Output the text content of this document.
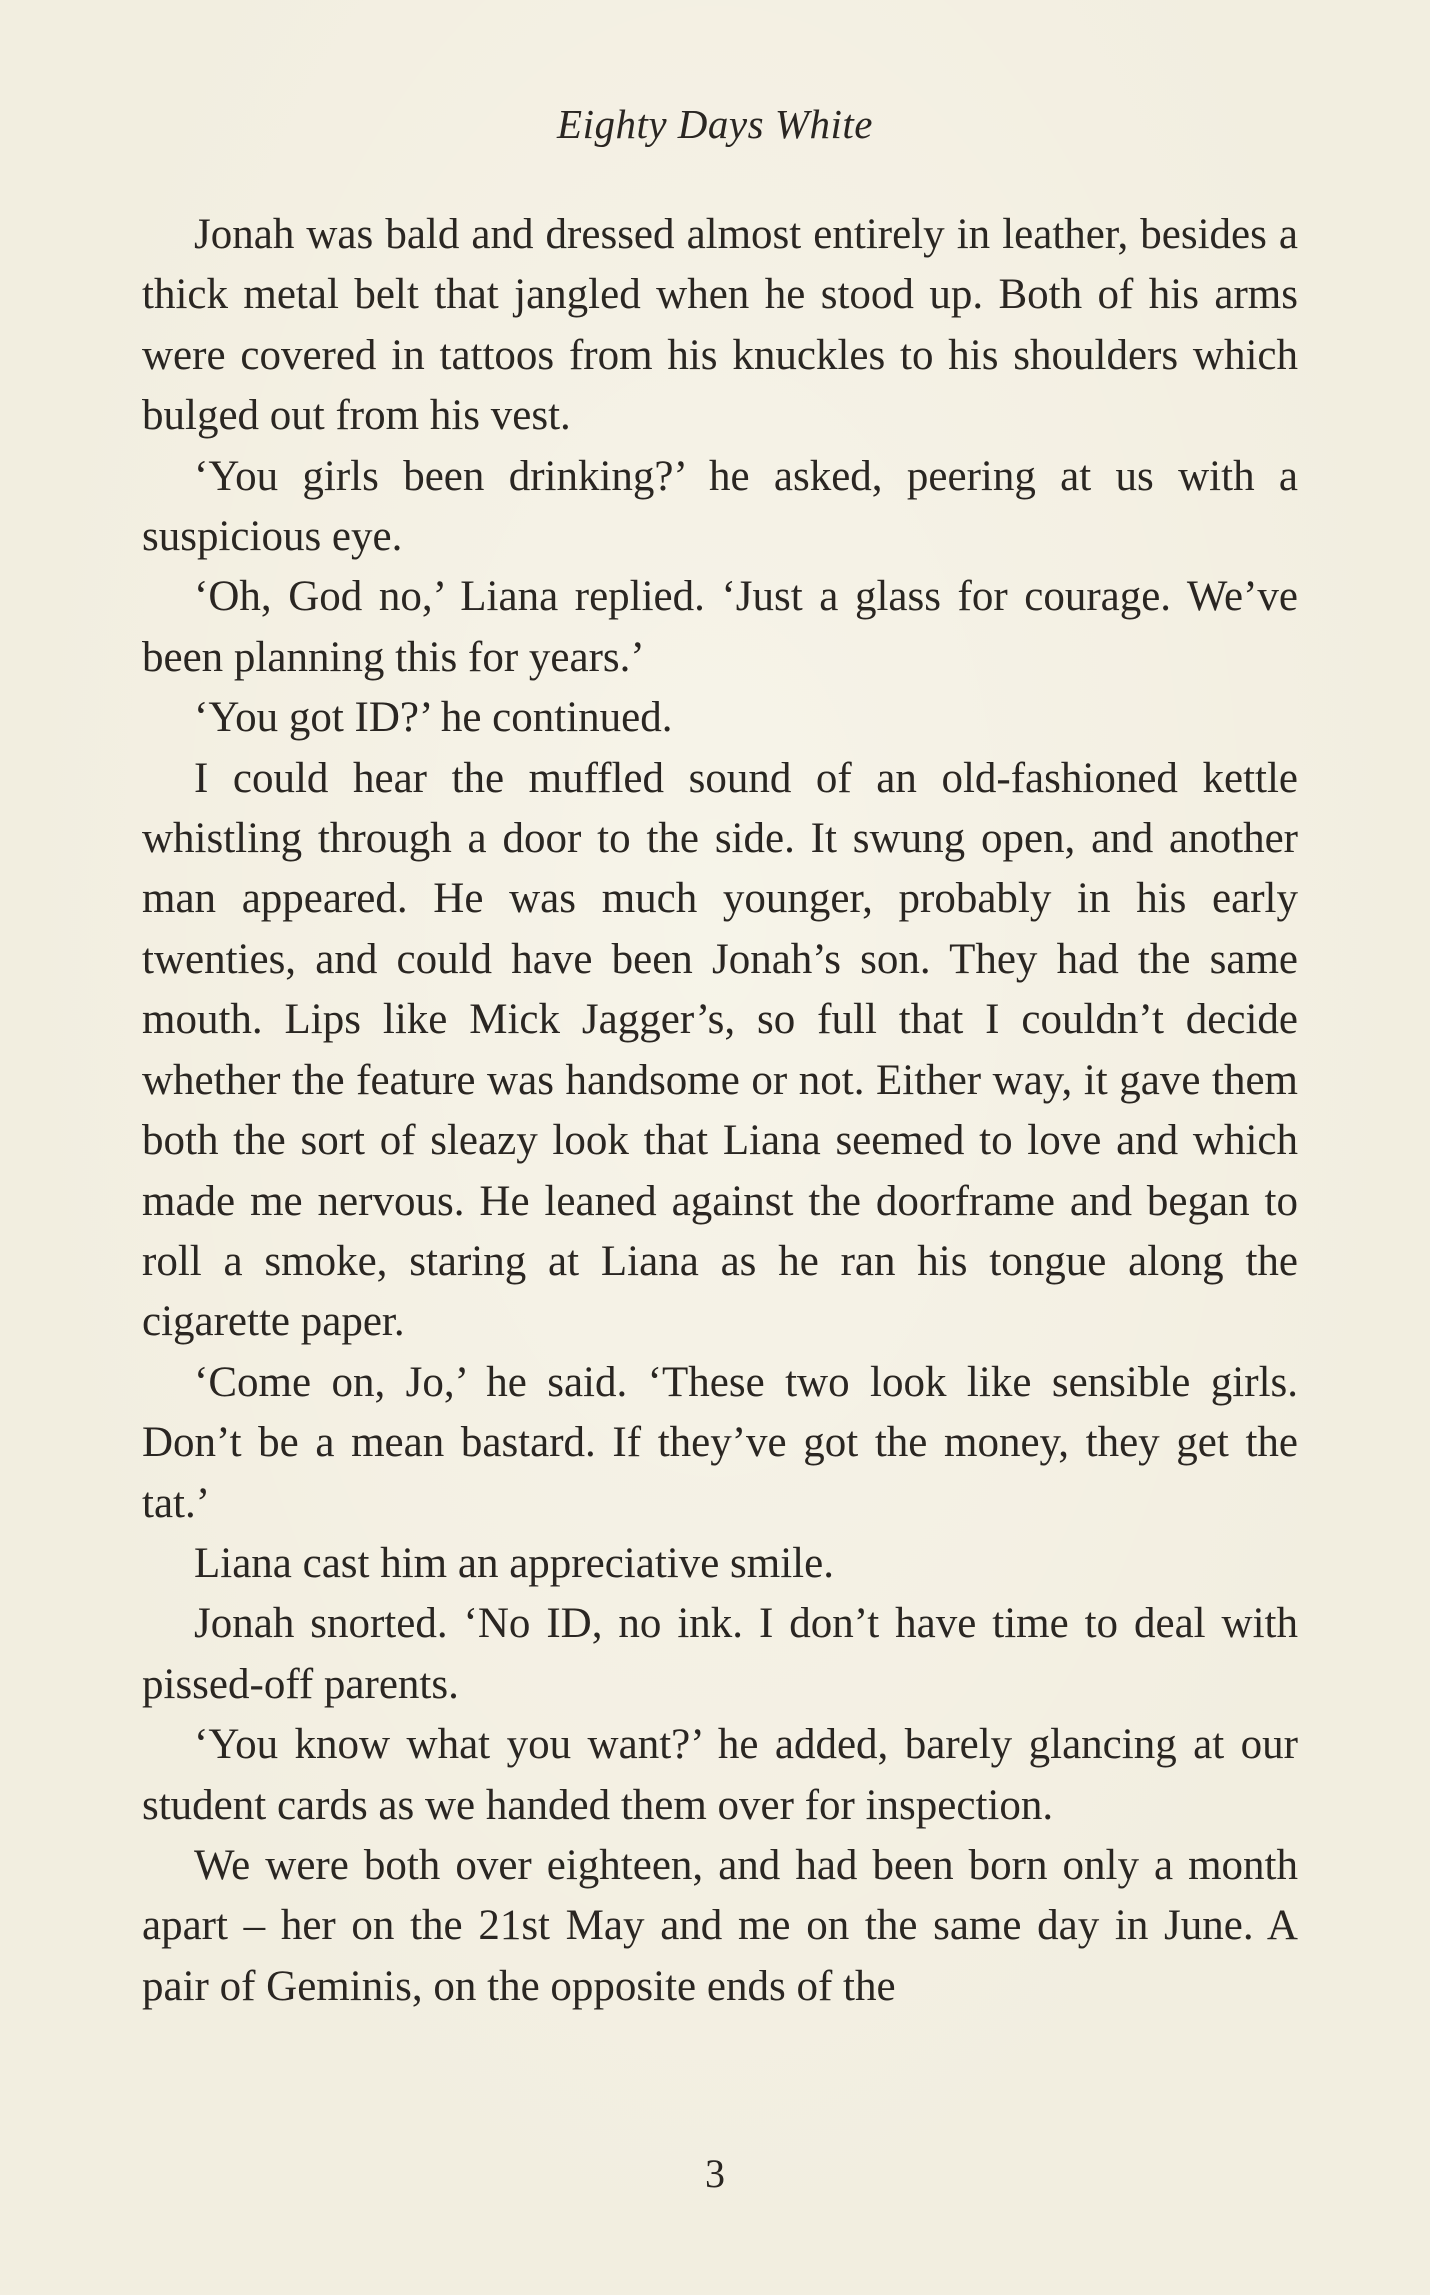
Eighty Days White

Jonah was bald and dressed almost entirely in leather, besides a thick metal belt that jangled when he stood up. Both of his arms were covered in tattoos from his knuckles to his shoulders which bulged out from his vest.

‘You girls been drinking?’ he asked, peering at us with a suspicious eye.

‘Oh, God no,’ Liana replied. ‘Just a glass for courage. We’ve been planning this for years.’

‘You got ID?’ he continued.

I could hear the muffled sound of an old-fashioned kettle whistling through a door to the side. It swung open, and another man appeared. He was much younger, probably in his early twenties, and could have been Jonah’s son. They had the same mouth. Lips like Mick Jagger’s, so full that I couldn’t decide whether the feature was handsome or not. Either way, it gave them both the sort of sleazy look that Liana seemed to love and which made me nervous. He leaned against the doorframe and began to roll a smoke, staring at Liana as he ran his tongue along the cigarette paper.

‘Come on, Jo,’ he said. ‘These two look like sensible girls. Don’t be a mean bastard. If they’ve got the money, they get the tat.’

Liana cast him an appreciative smile.

Jonah snorted. ‘No ID, no ink. I don’t have time to deal with pissed-off parents.

‘You know what you want?’ he added, barely glancing at our student cards as we handed them over for inspection.

We were both over eighteen, and had been born only a month apart – her on the 21st May and me on the same day in June. A pair of Geminis, on the opposite ends of the

3
